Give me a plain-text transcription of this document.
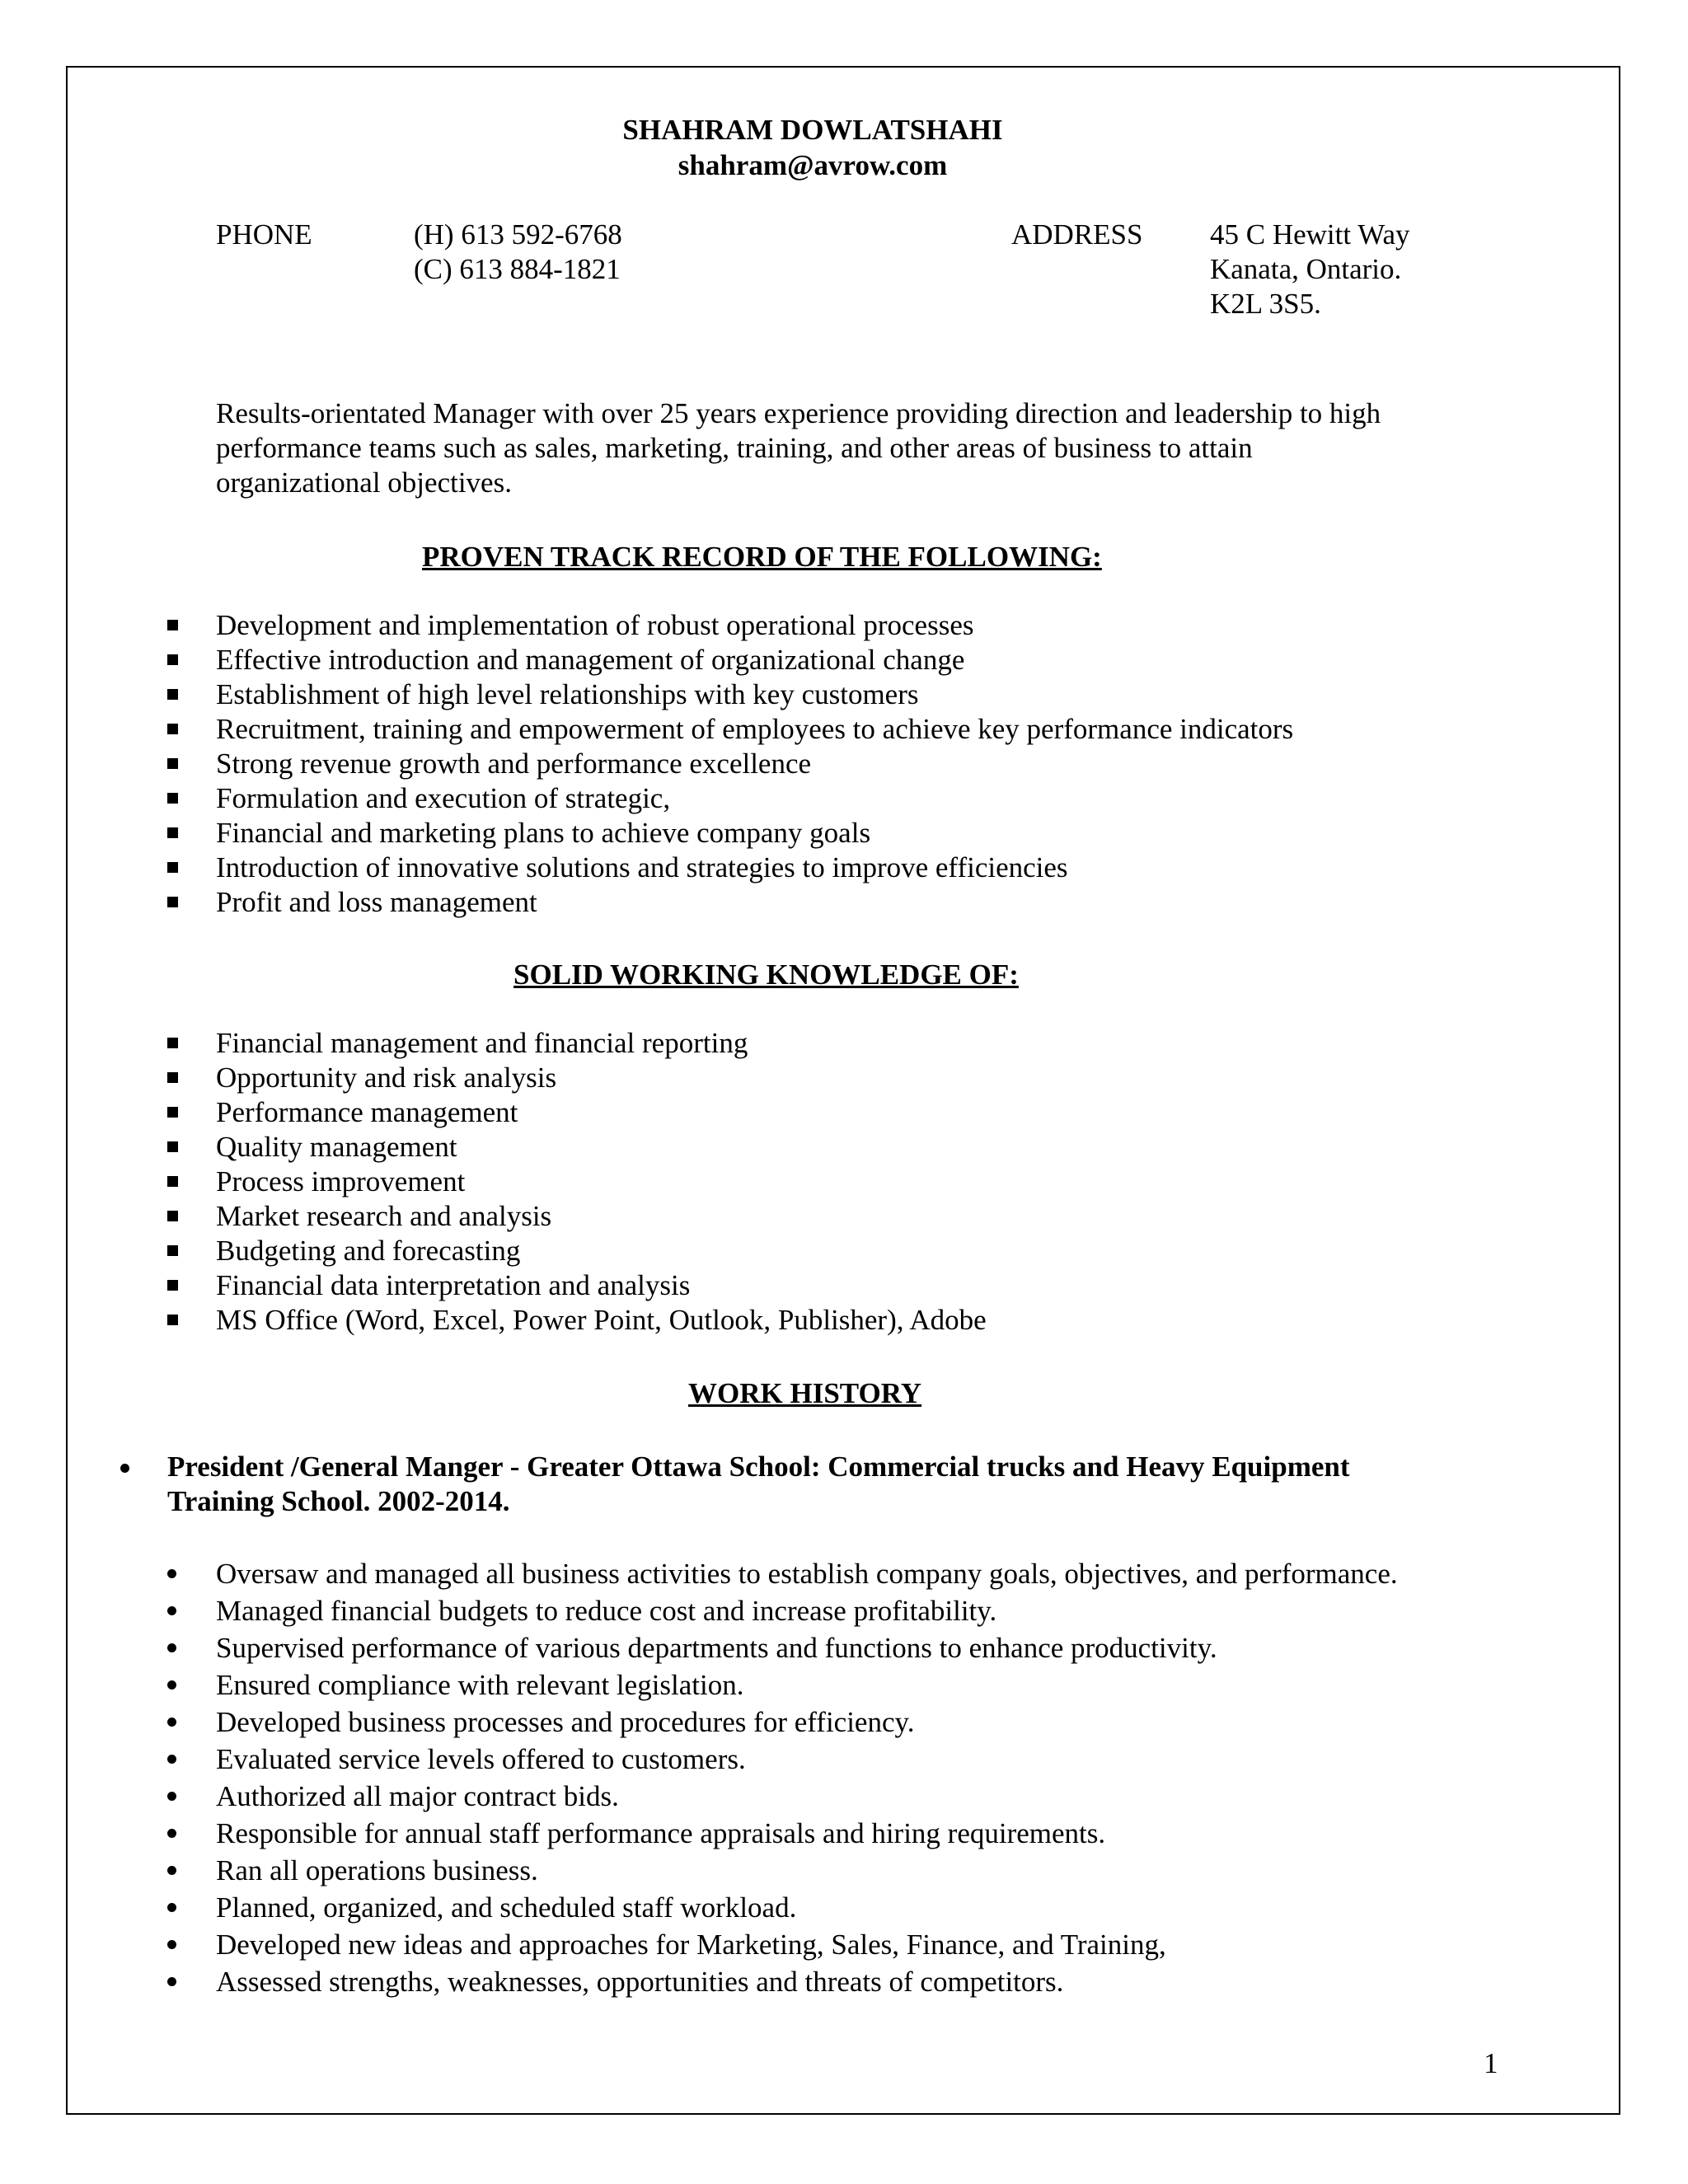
SHAHRAM DOWLATSHAHI
shahram@avrow.com
PHONE	(H) 613 592-6768
(C) 613 884-1821
ADDRESS 45 C Hewitt Way
Kanata, Ontario.
K2L 3S5.
Results-orientated Manager with over 25 years experience providing direction and leadership to high
performance teams such as sales, marketing, training, and other areas of business to attain
organizational objectives.
PROVEN TRACK RECORD OF THE FOLLOWING:
Development and implementation of robust operational processes
Effective introduction and management of organizational change
Establishment of high level relationships with key customers
Recruitment, training and empowerment of employees to achieve key performance indicators
Strong revenue growth and performance excellence
Formulation and execution of strategic,
Financial and marketing plans to achieve company goals
Introduction of innovative solutions and strategies to improve efficiencies
Profit and loss management
SOLID WORKING KNOWLEDGE OF:
Financial management and financial reporting
Opportunity and risk analysis
Performance management
Quality management
Process improvement
Market research and analysis
Budgeting and forecasting
Financial data interpretation and analysis
MS Office (Word, Excel, Power Point, Outlook, Publisher), Adobe
WORK HISTORY
President /General Manger - Greater Ottawa School: Commercial trucks and Heavy Equipment
Training School. 2002-2014.
Oversaw and managed all business activities to establish company goals, objectives, and performance.
Managed financial budgets to reduce cost and increase profitability.
Supervised performance of various departments and functions to enhance productivity.
Ensured compliance with relevant legislation.
Developed business processes and procedures for efficiency.
Evaluated service levels offered to customers.
Authorized all major contract bids.
Responsible for annual staff performance appraisals and hiring requirements.
Ran all operations business.
Planned, organized, and scheduled staff workload.
Developed new ideas and approaches for Marketing, Sales, Finance, and Training,
Assessed strengths, weaknesses, opportunities and threats of competitors.
1
